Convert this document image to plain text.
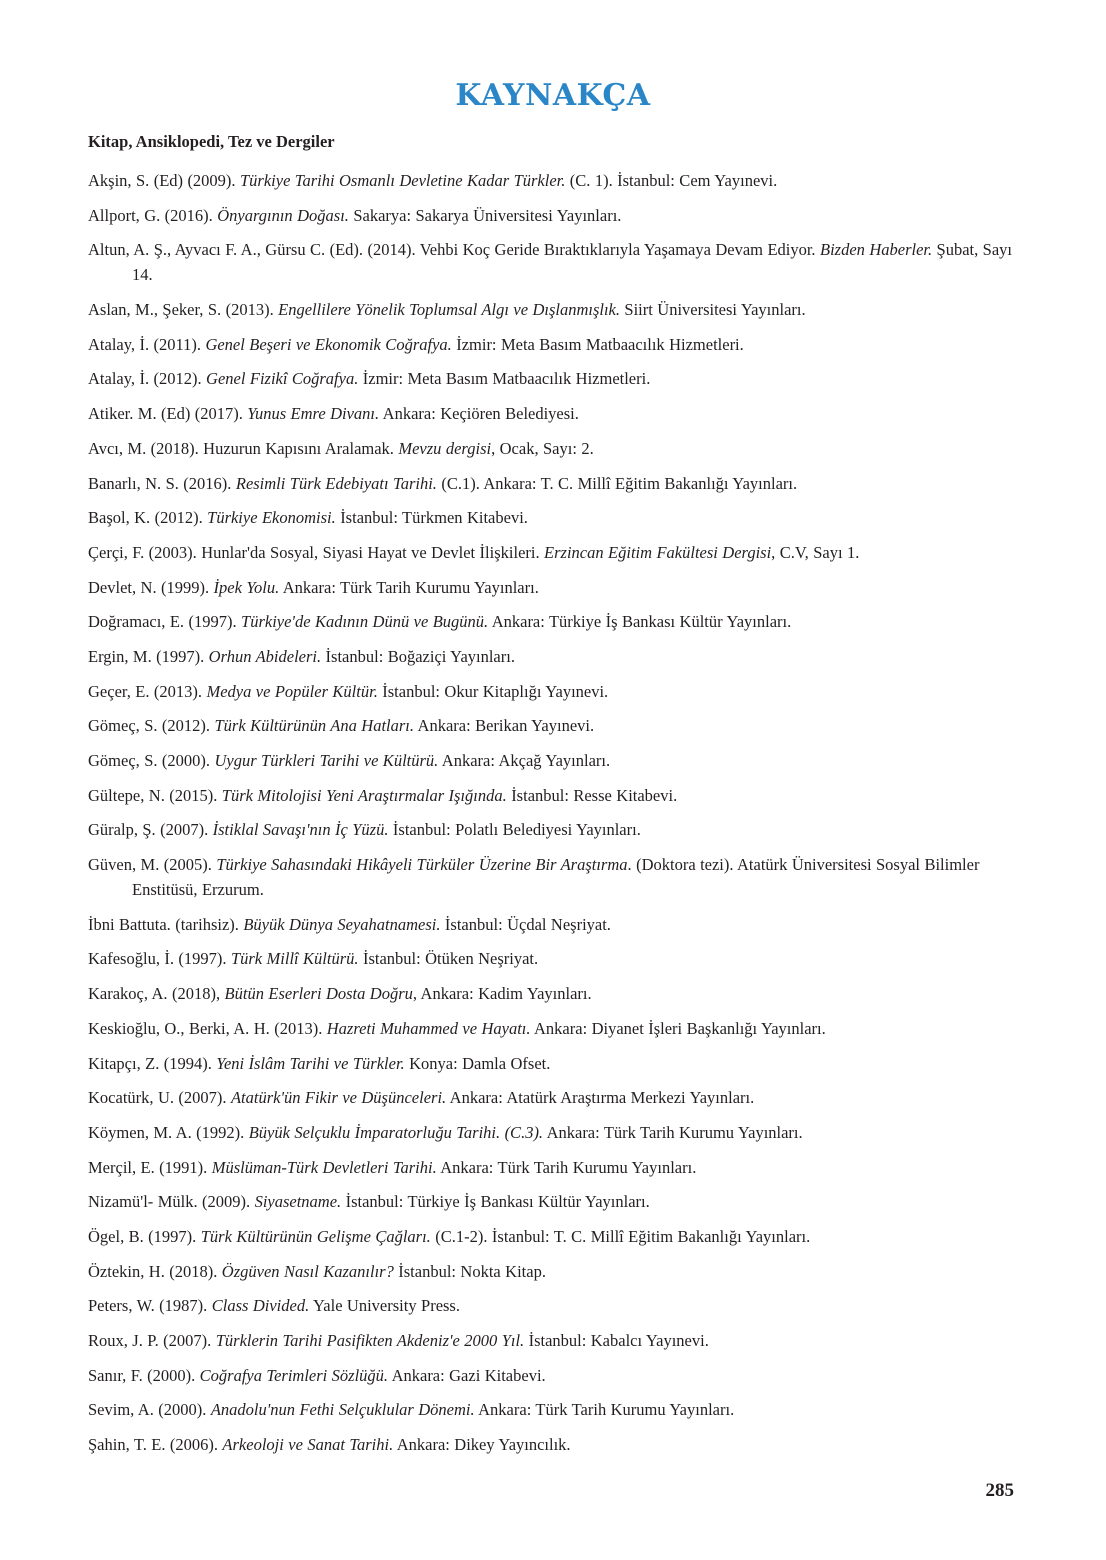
KAYNAKÇA
Kitap, Ansiklopedi, Tez ve Dergiler
Akşin, S. (Ed) (2009). Türkiye Tarihi Osmanlı Devletine Kadar Türkler. (C. 1). İstanbul: Cem Yayınevi.
Allport, G. (2016). Önyargının Doğası. Sakarya: Sakarya Üniversitesi Yayınları.
Altun, A. Ş., Ayvacı F. A., Gürsu C. (Ed). (2014). Vehbi Koç Geride Bıraktıklarıyla Yaşamaya Devam Ediyor. Bizden Haberler. Şubat, Sayı 14.
Aslan, M., Şeker, S. (2013). Engellilere Yönelik Toplumsal Algı ve Dışlanmışlık. Siirt Üniversitesi Yayınları.
Atalay, İ. (2011). Genel Beşeri ve Ekonomik Coğrafya. İzmir: Meta Basım Matbaacılık Hizmetleri.
Atalay, İ. (2012). Genel Fizikî Coğrafya. İzmir: Meta Basım Matbaacılık Hizmetleri.
Atiker. M. (Ed) (2017). Yunus Emre Divanı. Ankara: Keçiören Belediyesi.
Avcı, M. (2018). Huzurun Kapısını Aralamak. Mevzu dergisi, Ocak, Sayı: 2.
Banarlı, N. S. (2016). Resimli Türk Edebiyatı Tarihi. (C.1). Ankara: T. C. Millî Eğitim Bakanlığı Yayınları.
Başol, K. (2012). Türkiye Ekonomisi. İstanbul: Türkmen Kitabevi.
Çerçi, F. (2003). Hunlar'da Sosyal, Siyasi Hayat ve Devlet İlişkileri. Erzincan Eğitim Fakültesi Dergisi, C.V, Sayı 1.
Devlet, N. (1999). İpek Yolu. Ankara: Türk Tarih Kurumu Yayınları.
Doğramacı, E. (1997). Türkiye'de Kadının Dünü ve Bugünü. Ankara: Türkiye İş Bankası Kültür Yayınları.
Ergin, M. (1997). Orhun Abideleri. İstanbul: Boğaziçi Yayınları.
Geçer, E. (2013). Medya ve Popüler Kültür. İstanbul: Okur Kitaplığı Yayınevi.
Gömeç, S. (2012). Türk Kültürünün Ana Hatları. Ankara: Berikan Yayınevi.
Gömeç, S. (2000). Uygur Türkleri Tarihi ve Kültürü. Ankara: Akçağ Yayınları.
Gültepe, N. (2015). Türk Mitolojisi Yeni Araştırmalar Işığında. İstanbul: Resse Kitabevi.
Güralp, Ş. (2007). İstiklal Savaşı'nın İç Yüzü. İstanbul: Polatlı Belediyesi Yayınları.
Güven, M. (2005). Türkiye Sahasındaki Hikâyeli Türküler Üzerine Bir Araştırma. (Doktora tezi). Atatürk Üniversitesi Sosyal Bilimler Enstitüsü, Erzurum.
İbni Battuta. (tarihsiz). Büyük Dünya Seyahatnamesi. İstanbul: Üçdal Neşriyat.
Kafesoğlu, İ. (1997). Türk Millî Kültürü. İstanbul: Ötüken Neşriyat.
Karakoç, A. (2018), Bütün Eserleri Dosta Doğru, Ankara: Kadim Yayınları.
Keskioğlu, O., Berki, A. H. (2013). Hazreti Muhammed ve Hayatı. Ankara: Diyanet İşleri Başkanlığı Yayınları.
Kitapçı, Z. (1994). Yeni İslâm Tarihi ve Türkler. Konya: Damla Ofset.
Kocatürk, U. (2007). Atatürk'ün Fikir ve Düşünceleri. Ankara: Atatürk Araştırma Merkezi Yayınları.
Köymen, M. A. (1992). Büyük Selçuklu İmparatorluğu Tarihi. (C.3). Ankara: Türk Tarih Kurumu Yayınları.
Merçil, E. (1991). Müslüman-Türk Devletleri Tarihi. Ankara: Türk Tarih Kurumu Yayınları.
Nizamü'l- Mülk. (2009). Siyasetname. İstanbul: Türkiye İş Bankası Kültür Yayınları.
Ögel, B. (1997). Türk Kültürünün Gelişme Çağları. (C.1-2). İstanbul: T. C. Millî Eğitim Bakanlığı Yayınları.
Öztekin, H. (2018). Özgüven Nasıl Kazanılır? İstanbul: Nokta Kitap.
Peters, W. (1987). Class Divided. Yale University Press.
Roux, J. P. (2007). Türklerin Tarihi Pasifikten Akdeniz'e 2000 Yıl. İstanbul: Kabalcı Yayınevi.
Sanır, F. (2000). Coğrafya Terimleri Sözlüğü. Ankara: Gazi Kitabevi.
Sevim, A. (2000). Anadolu'nun Fethi Selçuklular Dönemi. Ankara: Türk Tarih Kurumu Yayınları.
Şahin, T. E. (2006). Arkeoloji ve Sanat Tarihi. Ankara: Dikey Yayıncılık.
285
